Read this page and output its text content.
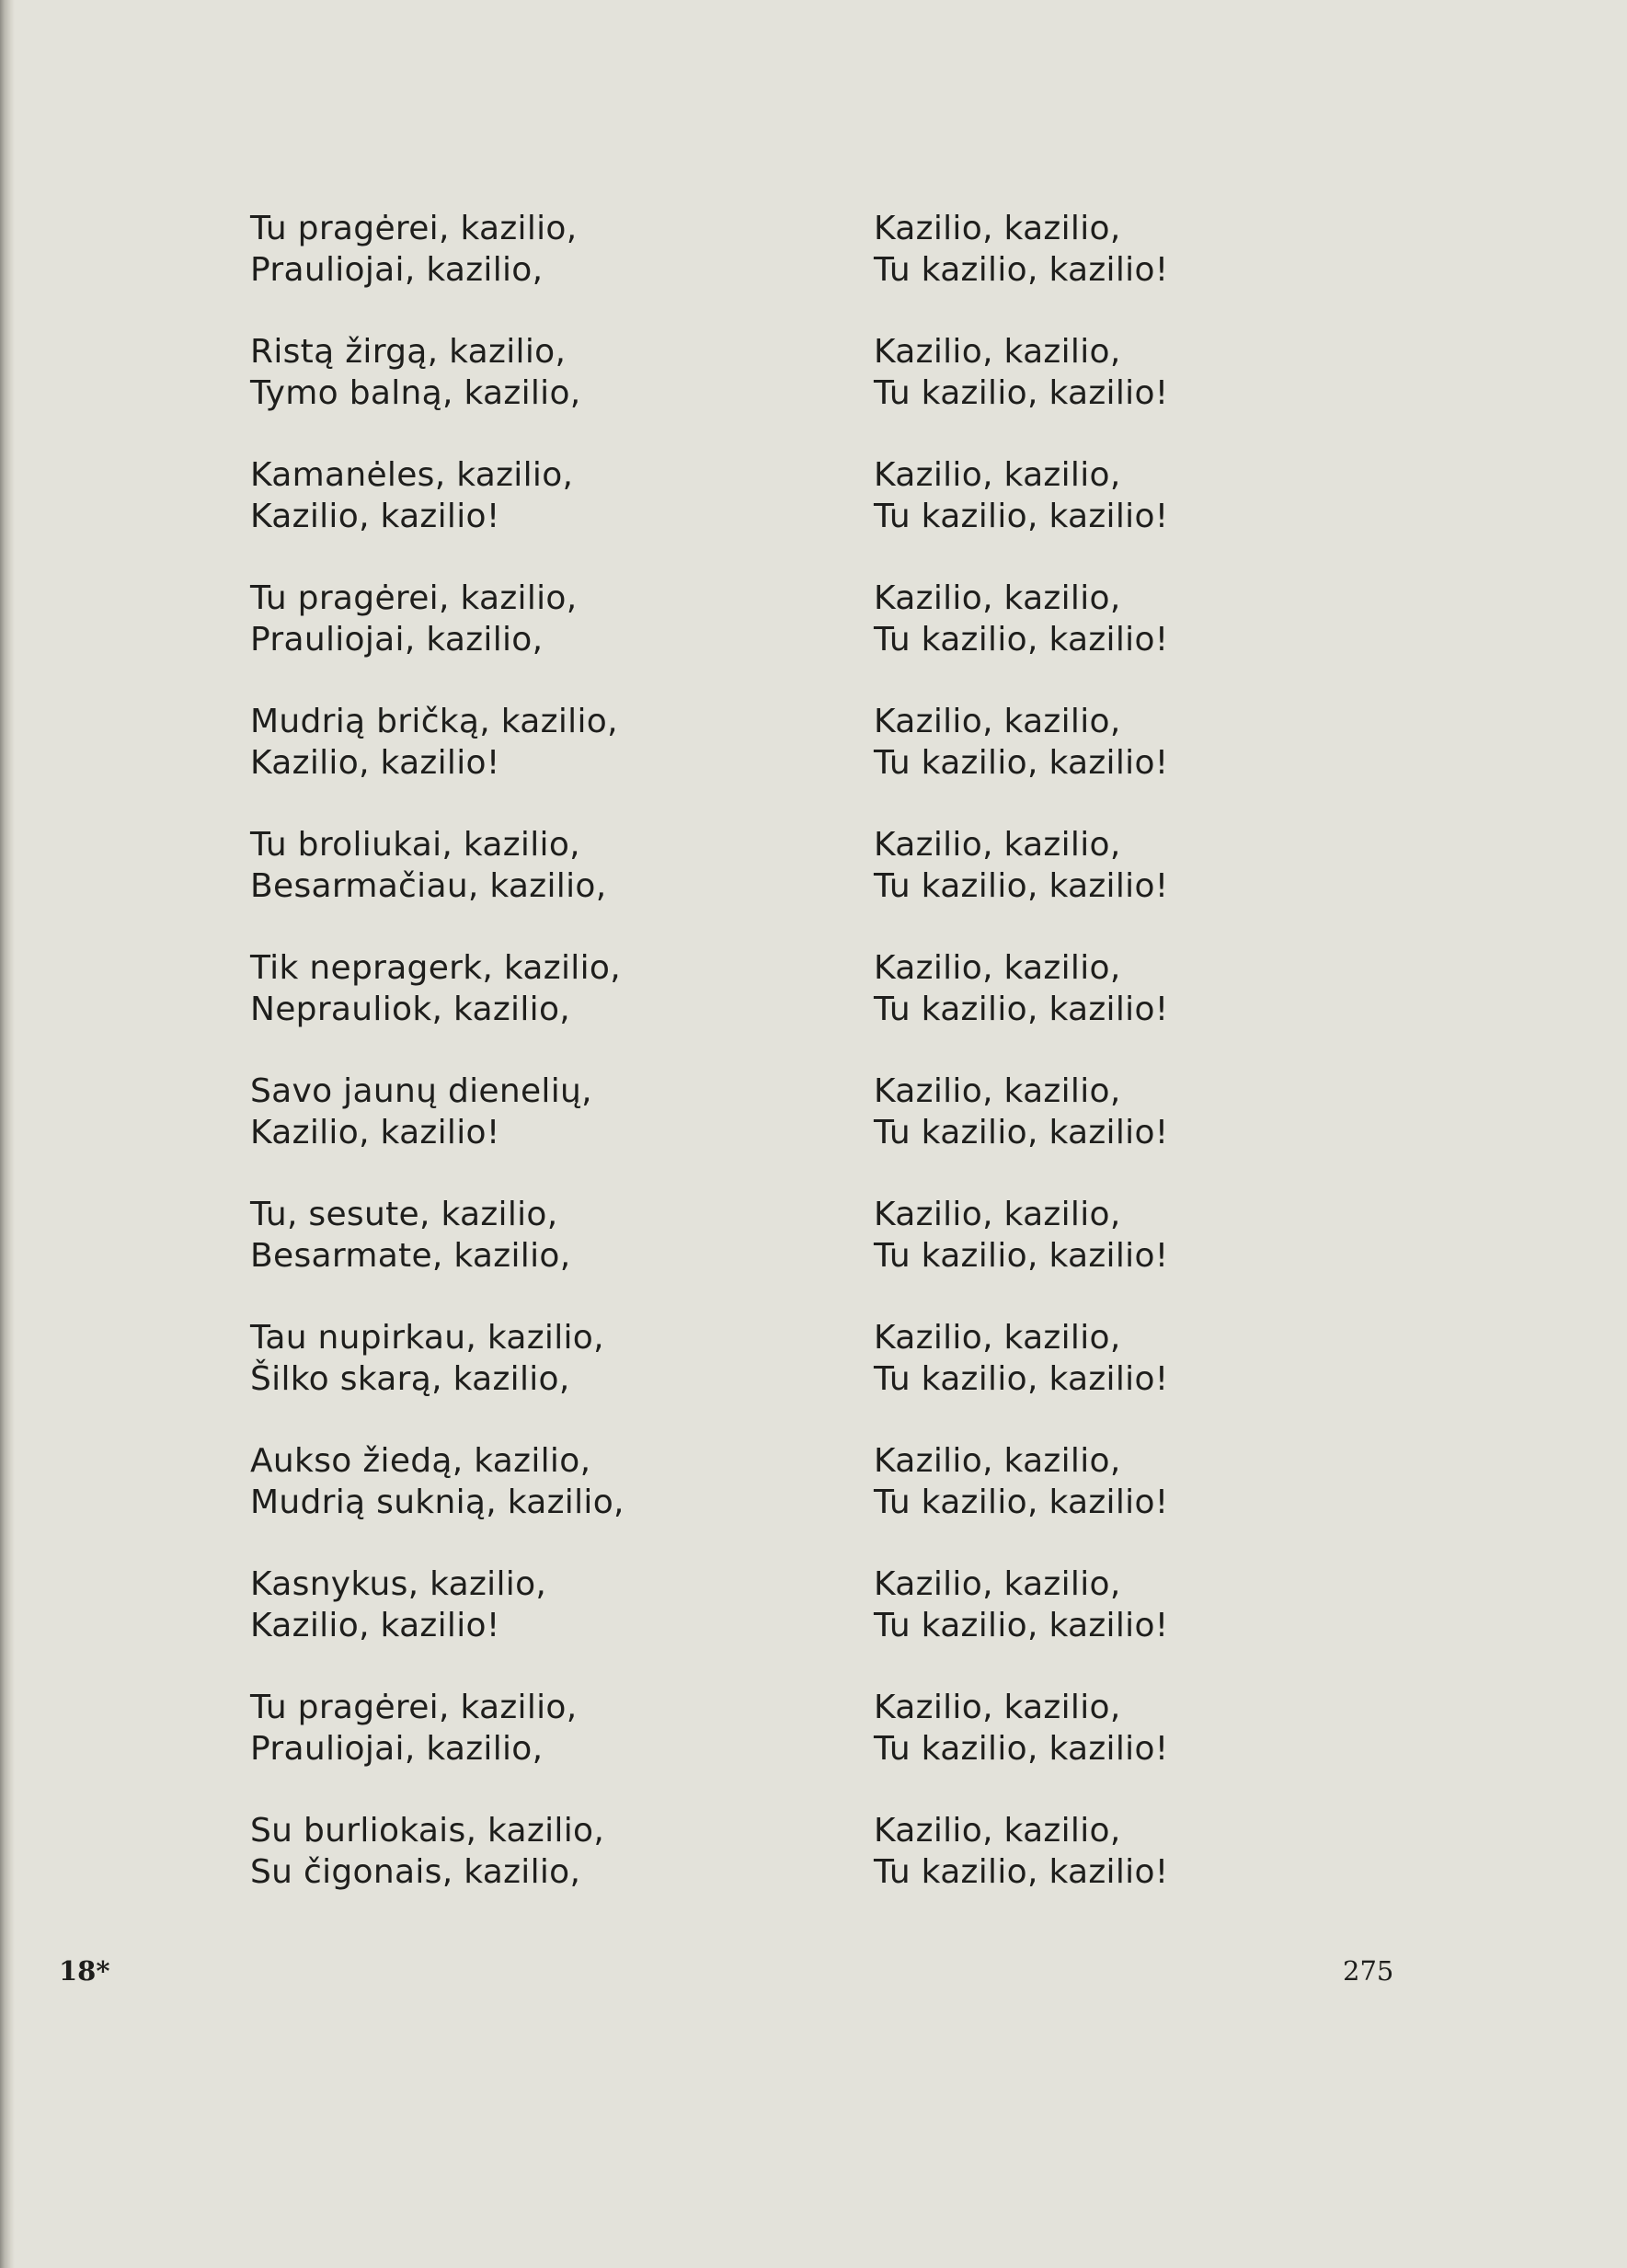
Tu pragėrei, kazilio,
Prauliojai, kazilio,
Ristą žirgą, kazilio,
Tymo balną, kazilio,
Kamanėles, kazilio,
Kazilio, kazilio!
Tu pragėrei, kazilio,
Prauliojai, kazilio,
Mudrią bričką, kazilio,
Kazilio, kazilio!
Tu broliukai, kazilio,
Besarmačiau, kazilio,
Tik nepragerk, kazilio,
Neprauliok, kazilio,
Savo jaunų dienelių,
Kazilio, kazilio!
Tu, sesute, kazilio,
Besarmate, kazilio,
Tau nupirkau, kazilio,
Šilko skarą, kazilio,
Aukso žiedą, kazilio,
Mudrią suknią, kazilio,
Kasnykus, kazilio,
Kazilio, kazilio!
Tu pragėrei, kazilio,
Prauliojai, kazilio,
Su burliokais, kazilio,
Su čigonais, kazilio,
Kazilio, kazilio,
Tu kazilio, kazilio!
Kazilio, kazilio,
Tu kazilio, kazilio!
Kazilio, kazilio,
Tu kazilio, kazilio!
Kazilio, kazilio,
Tu kazilio, kazilio!
Kazilio, kazilio,
Tu kazilio, kazilio!
Kazilio, kazilio,
Tu kazilio, kazilio!
Kazilio, kazilio,
Tu kazilio, kazilio!
Kazilio, kazilio,
Tu kazilio, kazilio!
Kazilio, kazilio,
Tu kazilio, kazilio!
Kazilio, kazilio,
Tu kazilio, kazilio!
Kazilio, kazilio,
Tu kazilio, kazilio!
Kazilio, kazilio,
Tu kazilio, kazilio!
Kazilio, kazilio,
Tu kazilio, kazilio!
Kazilio, kazilio,
Tu kazilio, kazilio!
18*	275
